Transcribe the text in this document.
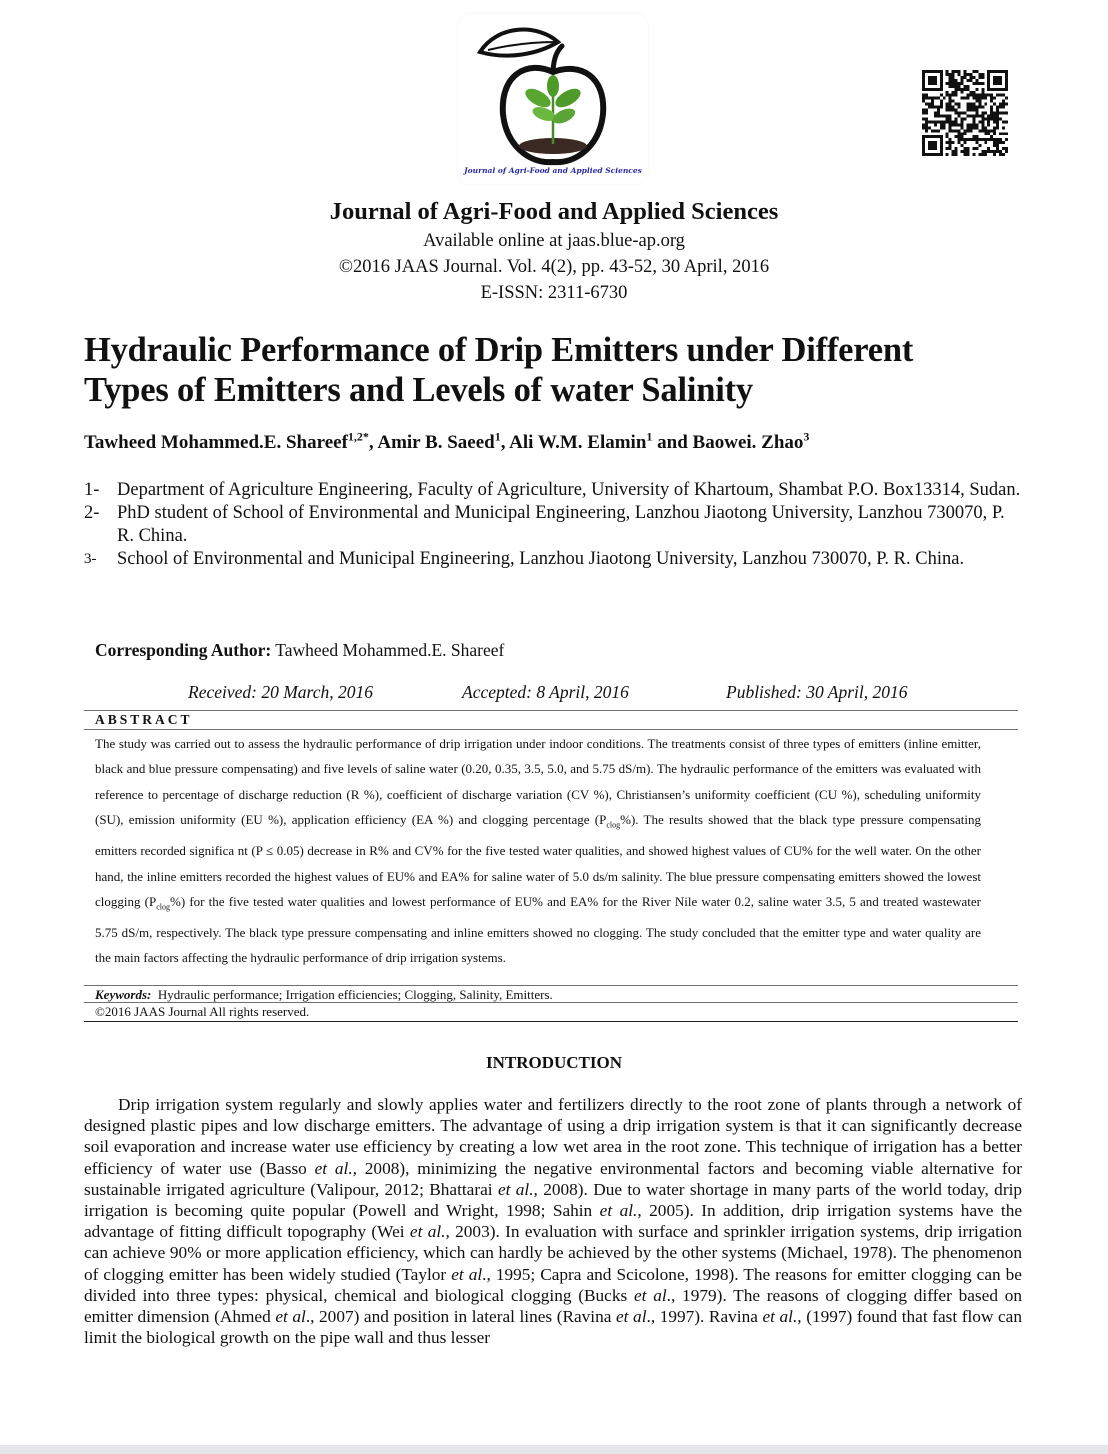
Journal of Agri-Food and Applied Sciences
Journal of Agri-Food and Applied Sciences
Available online at jaas.blue-ap.org
©2016 JAAS Journal. Vol. 4(2), pp. 43-52, 30 April, 2016
E-ISSN: 2311-6730
Hydraulic Performance of Drip Emitters under Different
Types of Emitters and Levels of water Salinity
Tawheed Mohammed.E. Shareef$^{1,2*}$, Amir B. Saeed$^1$, Ali W.M. Elamin$^1$ and Baowei. Zhao$^3$
1- Department of Agriculture Engineering, Faculty of Agriculture, University of Khartoum, Shambat P.O. Box13314, Sudan.
2- PhD student of School of Environmental and Municipal Engineering, Lanzhou Jiaotong University, Lanzhou 730070, P. R. China.
3-	School of Environmental and Municipal Engineering, Lanzhou Jiaotong University, Lanzhou 730070, P. R. China.
Corresponding Author: Tawheed Mohammed.E. Shareef
Received: 20 March, 2016	Accepted: 8 April, 2016	Published: 30 April, 2016
ABSTRACT

The study was carried out to assess the hydraulic performance of drip irrigation under indoor conditions. The treatments consist of three types of emitters (inline emitter, black and blue pressure compensating) and five levels of saline water (0.20, 0.35, 3.5, 5.0, and 5.75 dS/m). The hydraulic performance of the emitters was evaluated with reference to percentage of discharge reduction (R %), coefficient of discharge variation (CV %), Christiansen’s uniformity coefficient (CU %), scheduling uniformity (SU), emission uniformity (EU %), application efficiency (EA %) and clogging percentage $(P_{clog}\%)$. The results showed that the black type pressure compensating emitters recorded significa nt (P ≤ 0.05) decrease in R% and CV% for the five tested water qualities, and showed highest values of CU% for the well water. On the other hand, the inline emitters recorded the highest values of EU% and EA% for saline water of 5.0 ds/m salinity. The blue pressure compensating emitters showed the lowest clogging $(P_{clog}\%)$ for the five tested water qualities and lowest performance of EU% and EA% for the River Nile water 0.2, saline water 3.5, 5 and treated wastewater 5.75 dS/m, respectively. The black type pressure compensating and inline emitters showed no clogging. The study concluded that the emitter type and water quality are the main factors affecting the hydraulic performance of drip irrigation systems.

Keywords: Hydraulic performance; Irrigation efficiencies; Clogging, Salinity, Emitters.
©2016 JAAS Journal All rights reserved.
INTRODUCTION

Drip irrigation system regularly and slowly applies water and fertilizers directly to the root zone of plants through a network of designed plastic pipes and low discharge emitters. The advantage of using a drip irrigation system is that it can significantly decrease soil evaporation and increase water use efficiency by creating a low wet area in the root zone. This technique of irrigation has a better efficiency of water use (Basso et al., 2008), minimizing the negative environmental factors and becoming viable alternative for sustainable irrigated agriculture (Valipour, 2012; Bhattarai et al., 2008). Due to water shortage in many parts of the world today, drip irrigation is becoming quite popular (Powell and Wright, 1998; Sahin et al., 2005). In addition, drip irrigation systems have the advantage of fitting difficult topography (Wei et al., 2003). In evaluation with surface and sprinkler irrigation systems, drip irrigation can achieve 90% or more application efficiency, which can hardly be achieved by the other systems (Michael, 1978). The phenomenon of clogging emitter has been widely studied (Taylor et al., 1995; Capra and Scicolone, 1998). The reasons for emitter clogging can be divided into three types: physical, chemical and biological clogging (Bucks et al., 1979). The reasons of clogging differ based on emitter dimension (Ahmed et al., 2007) and position in lateral lines (Ravina et al., 1997). Ravina et al., (1997) found that fast flow can limit the biological growth on the pipe wall and thus lesser
